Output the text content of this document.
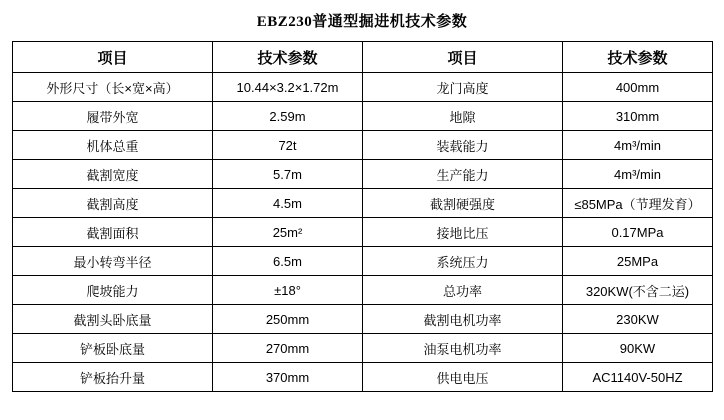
EBZ230普通型掘进机技术参数
项目	技术参数	项目	技术参数
外形尺寸（长×宽×高）	10.44×3.2×1.72m	龙门高度	400mm
履带外宽	2.59m	地隙	310mm
机体总重	72t	装载能力	4m³/min
截割宽度	5.7m	生产能力	4m³/min
截割高度	4.5m	截割硬强度	≤85MPa（节理发育）
截割面积	25m²	接地比压	0.17MPa
最小转弯半径	6.5m	系统压力	25MPa
爬坡能力	±18°	总功率	320KW(不含二运)
截割头卧底量	250mm	截割电机功率	230KW
铲板卧底量	270mm	油泵电机功率	90KW
铲板抬升量	370mm	供电电压	AC1140V-50HZ
